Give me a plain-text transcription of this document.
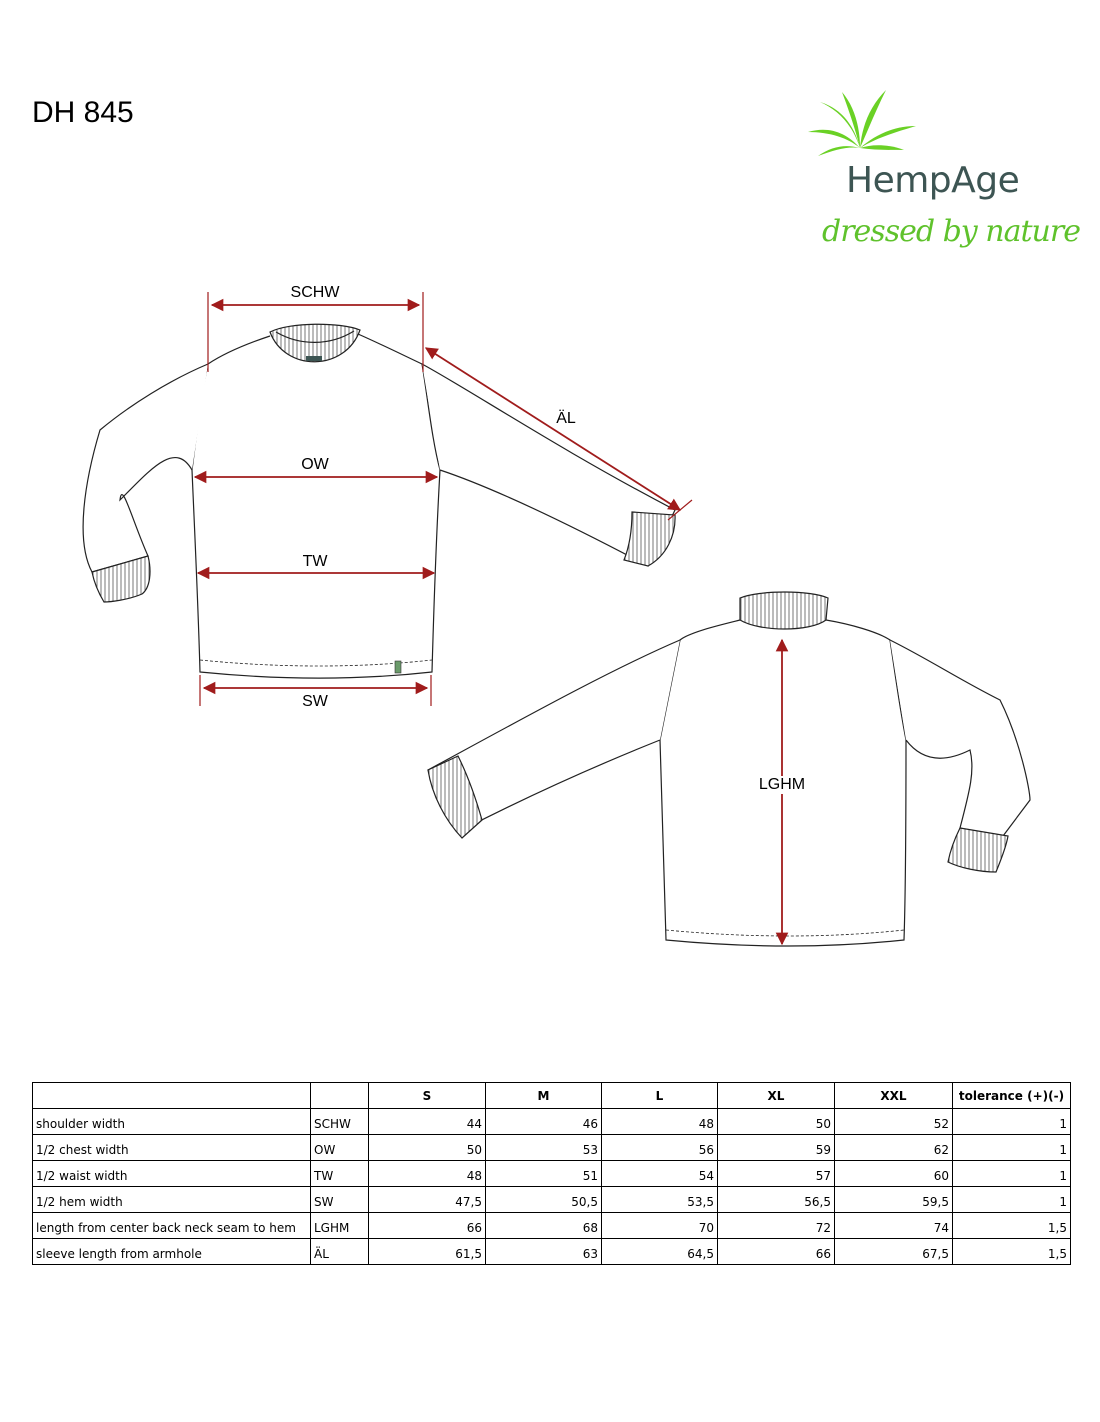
DH 845
HempAge
dressed by nature
SCHW
ÄL
OW
TW
SW
LGHM
		S	M	L	XL	XXL	tolerance (+)(-)
shoulder width	SCHW	44	46	48	50	52	1
1/2 chest width	OW	50	53	56	59	62	1
1/2 waist width	TW	48	51	54	57	60	1
1/2 hem width	SW	47,5	50,5	53,5	56,5	59,5	1
length from center back neck seam to hem	LGHM	66	68	70	72	74	1,5
sleeve length from armhole	ÄL	61,5	63	64,5	66	67,5	1,5
